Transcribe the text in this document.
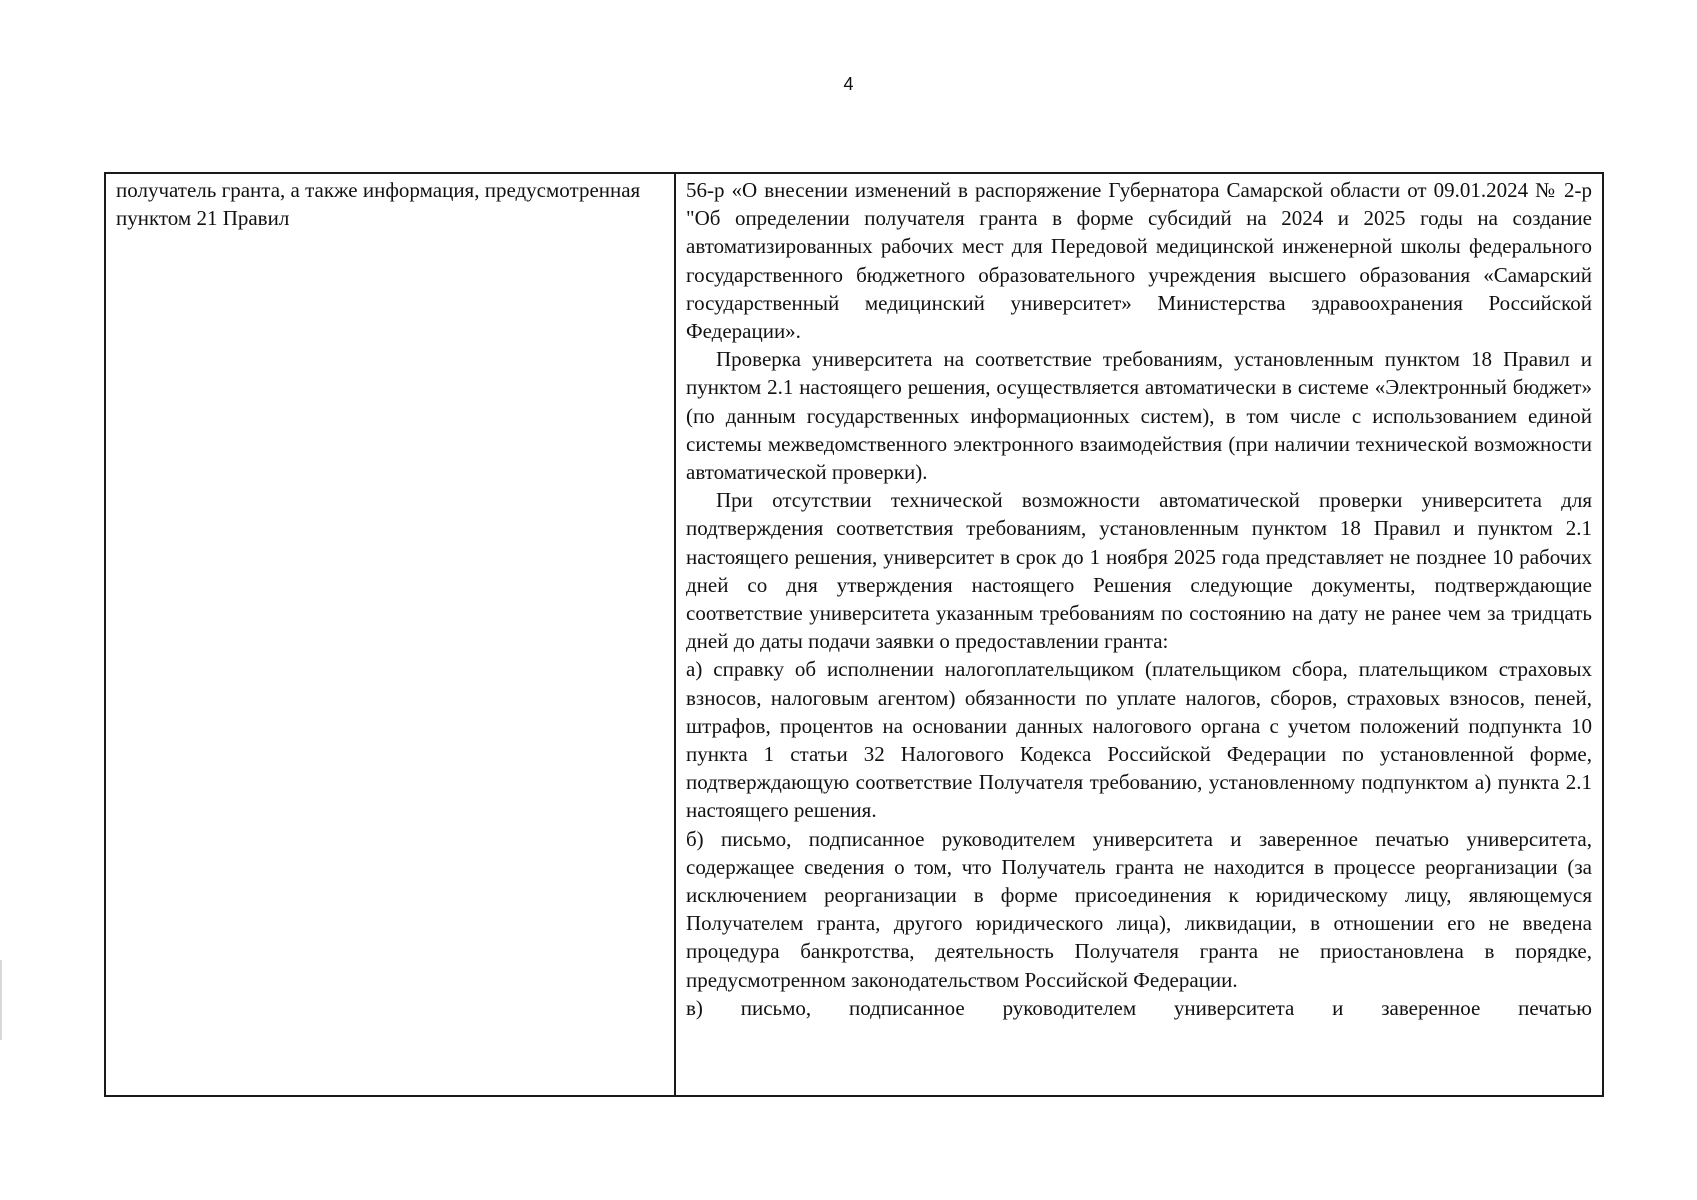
4

получатель гранта, а также информация, предусмотренная пунктом 21 Правил

56-р «О внесении изменений в распоряжение Губернатора Самарской области от 09.01.2024 № 2-р "Об определении получателя гранта в форме субсидий на 2024 и 2025 годы на создание автоматизированных рабочих мест для Передовой медицинской инженерной школы федерального государственного бюджетного образовательного учреждения высшего образования «Самарский государственный медицинский университет» Министерства здравоохранения Российской Федерации».

Проверка университета на соответствие требованиям, установленным пунктом 18 Правил и пунктом 2.1 настоящего решения, осуществляется автоматически в системе «Электронный бюджет» (по данным государственных информационных систем), в том числе с использованием единой системы межведомственного электронного взаимодействия (при наличии технической возможности автоматической проверки).

При отсутствии технической возможности автоматической проверки университета для подтверждения соответствия требованиям, установленным пунктом 18 Правил и пунктом 2.1 настоящего решения, университет в срок до 1 ноября 2025 года представляет не позднее 10 рабочих дней со дня утверждения настоящего Решения следующие документы, подтверждающие соответствие университета указанным требованиям по состоянию на дату не ранее чем за тридцать дней до даты подачи заявки о предоставлении гранта:

а) справку об исполнении налогоплательщиком (плательщиком сбора, плательщиком страховых взносов, налоговым агентом) обязанности по уплате налогов, сборов, страховых взносов, пеней, штрафов, процентов на основании данных налогового органа с учетом положений подпункта 10 пункта 1 статьи 32 Налогового Кодекса Российской Федерации по установленной форме, подтверждающую соответствие Получателя требованию, установленному подпунктом а) пункта 2.1 настоящего решения.

б) письмо, подписанное руководителем университета и заверенное печатью университета, содержащее сведения о том, что Получатель гранта не находится в процессе реорганизации (за исключением реорганизации в форме присоединения к юридическому лицу, являющемуся Получателем гранта, другого юридического лица), ликвидации, в отношении его не введена процедура банкротства, деятельность Получателя гранта не приостановлена в порядке, предусмотренном законодательством Российской Федерации.

в) письмо, подписанное руководителем университета и заверенное печатью
